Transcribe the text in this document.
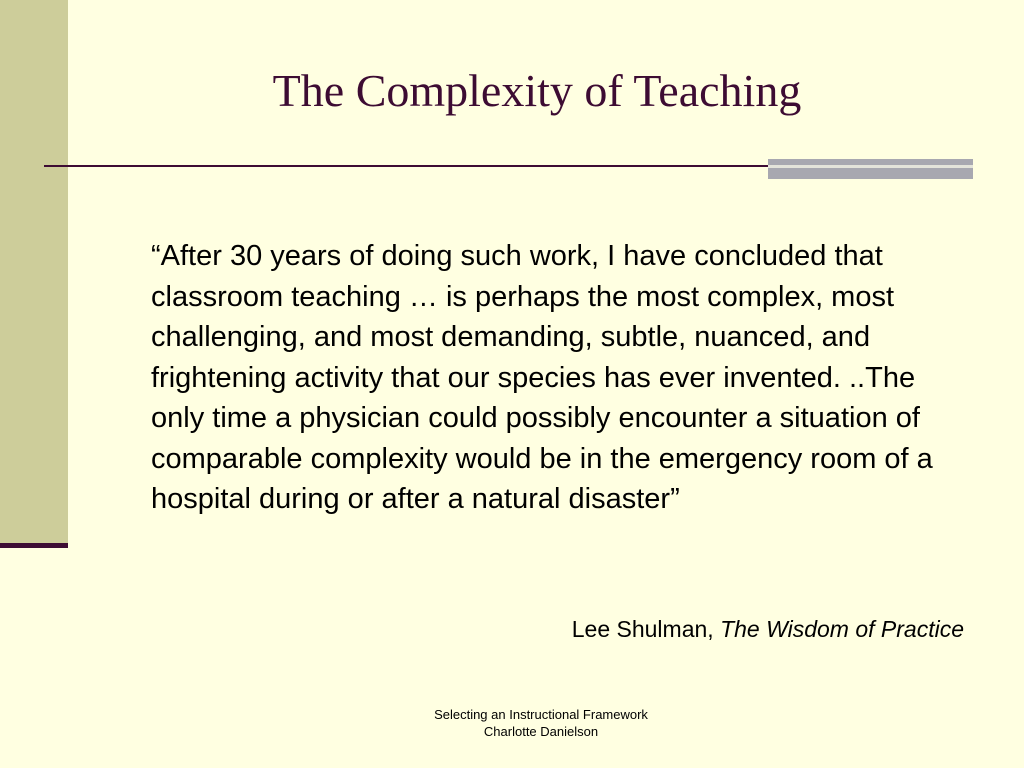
The Complexity of Teaching

“After 30 years of doing such work, I have concluded that classroom teaching … is perhaps the most complex, most challenging, and most demanding, subtle, nuanced, and frightening activity that our species has ever invented. ..The only time a physician could possibly encounter a situation of comparable complexity would be in the emergency room of a hospital during or after a natural disaster”

Lee Shulman, The Wisdom of Practice
Selecting an Instructional Framework
Charlotte Danielson
